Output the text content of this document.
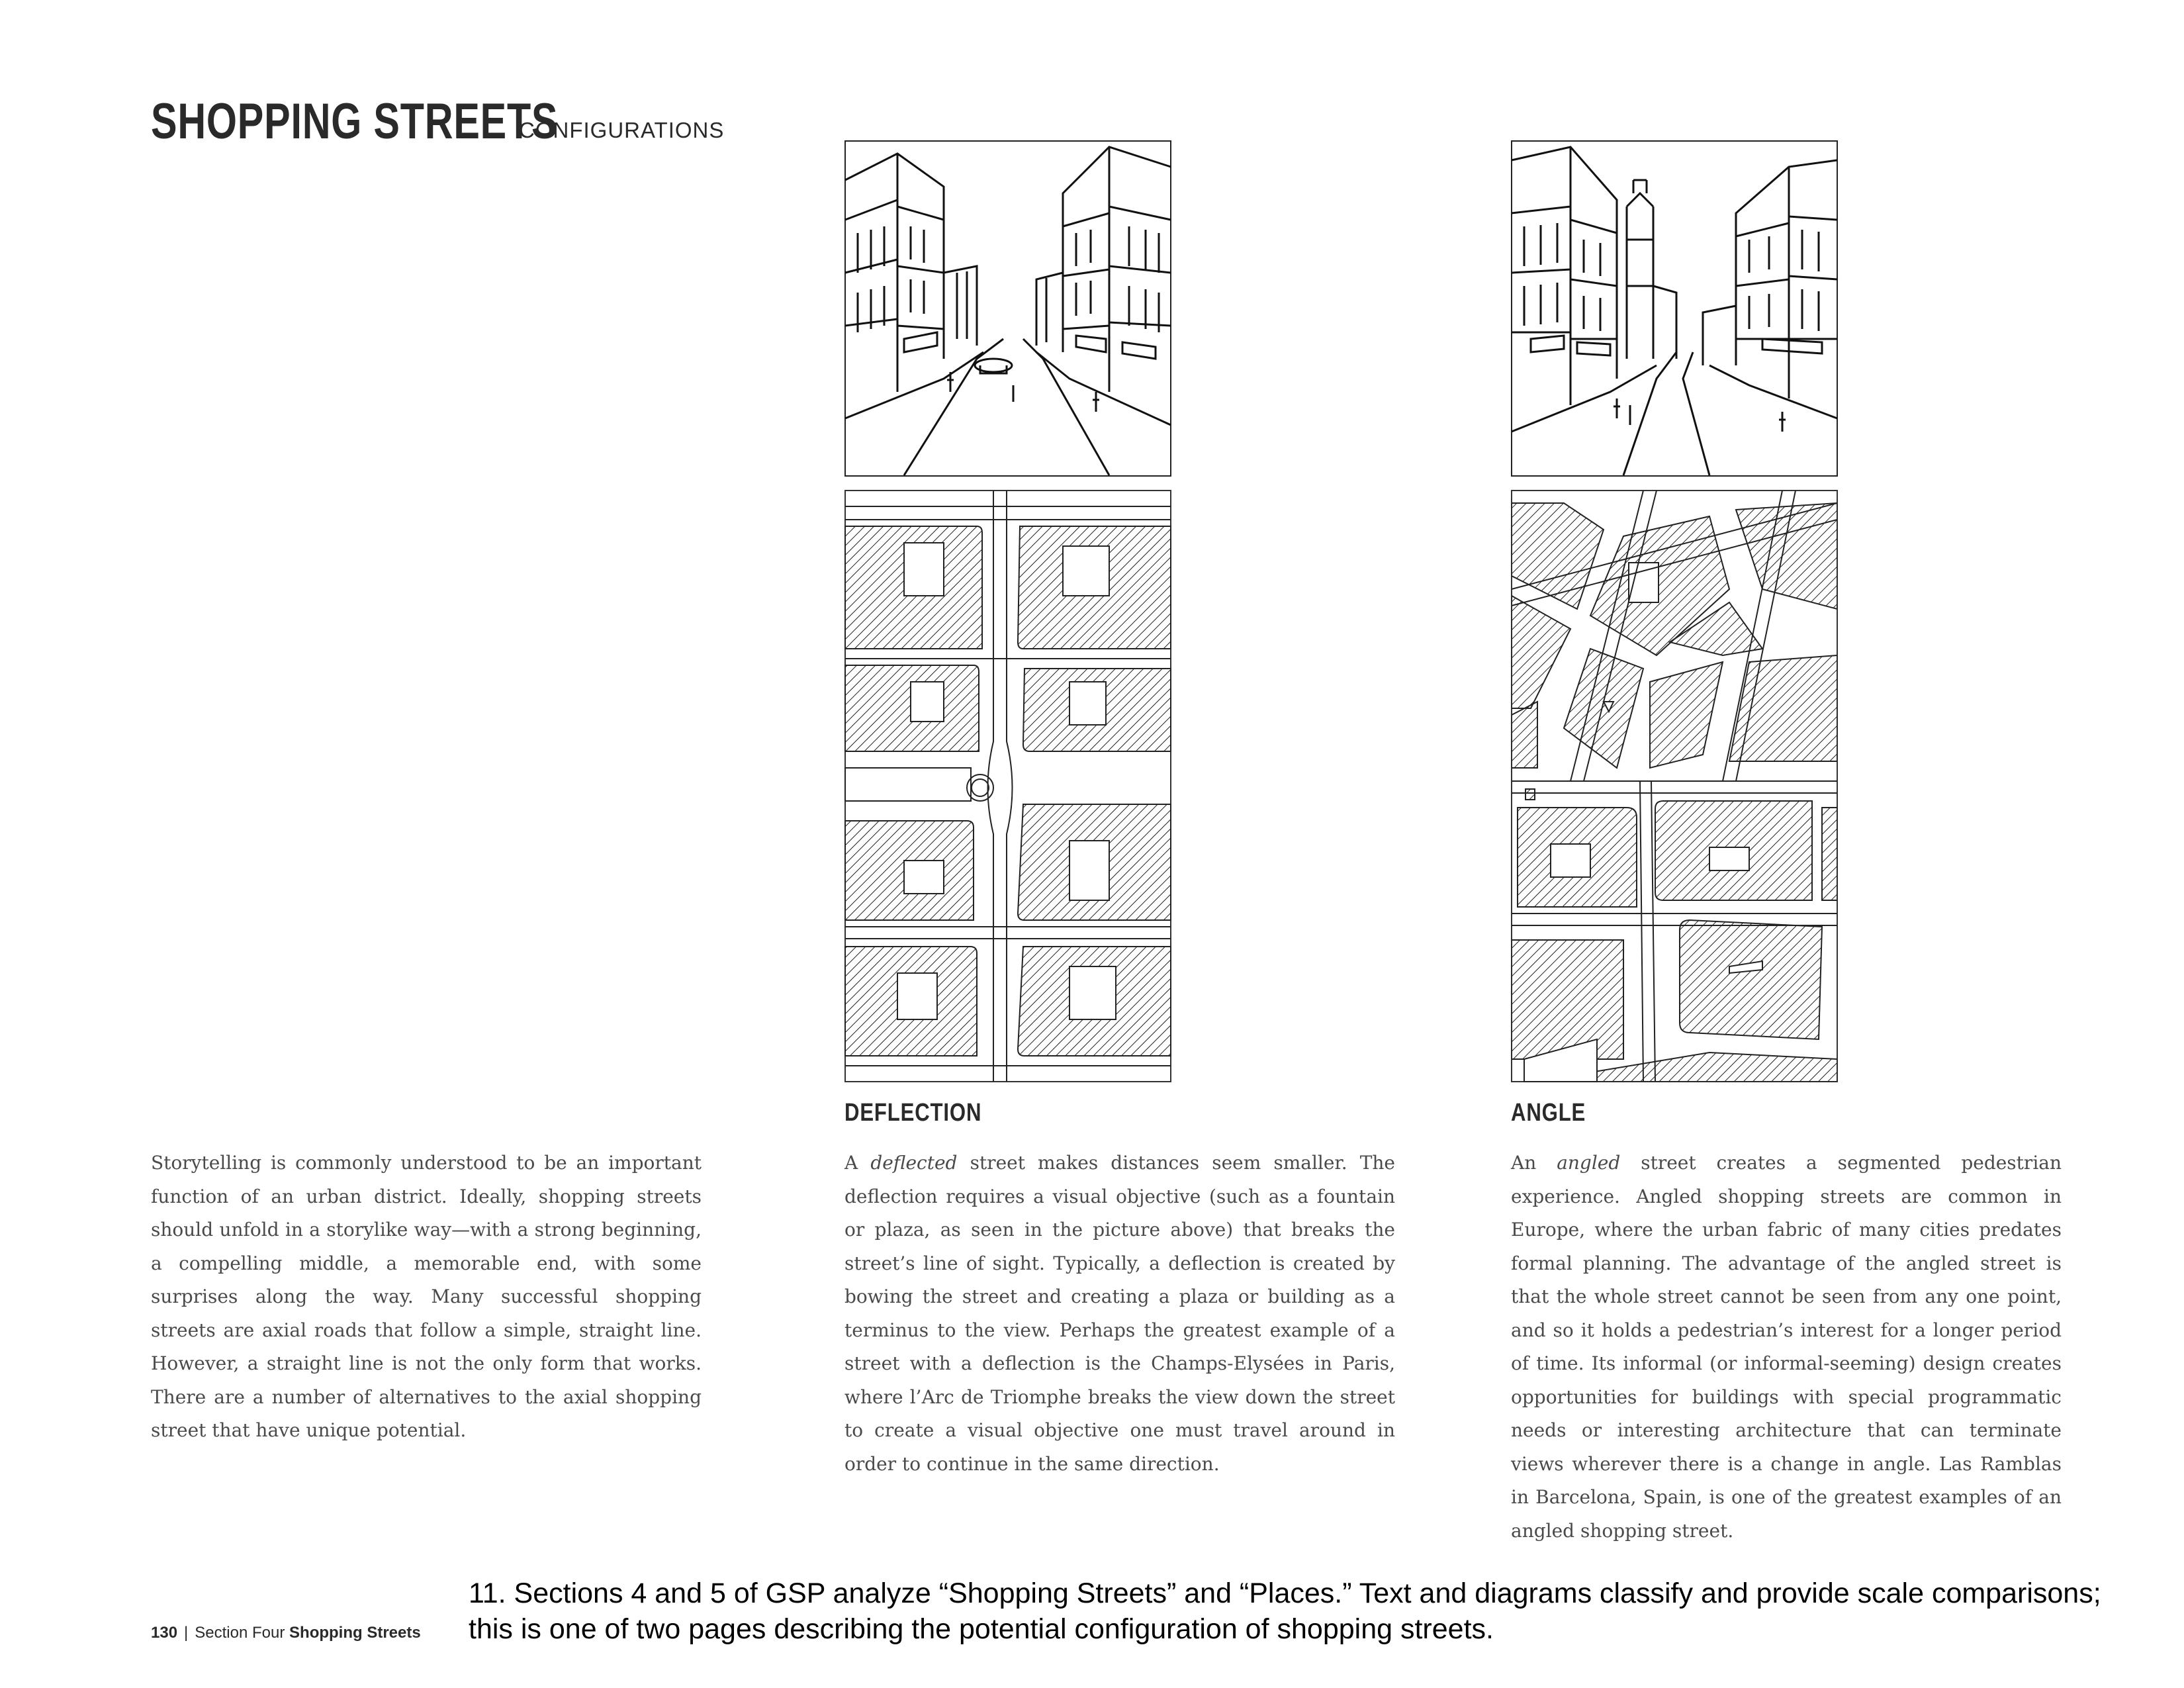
SHOPPING STREETS
CONFIGURATIONS
DEFLECTION	ANGLE

Storytelling is commonly understood to be an important function of an urban district. Ideally, shopping streets should unfold in a storylike way—with a strong beginning, a compelling middle, a memorable end, with some surprises along the way. Many successful shopping streets are axial roads that follow a simple, straight line. However, a straight line is not the only form that works. There are a number of alternatives to the axial shopping street that have unique potential.

A deflected street makes distances seem smaller. The deflection requires a visual objective (such as a fountain or plaza, as seen in the picture above) that breaks the street’s line of sight. Typically, a deflection is created by bowing the street and creating a plaza or building as a terminus to the view. Perhaps the greatest example of a street with a deflection is the Champs-Elysées in Paris, where l’Arc de Triomphe breaks the view down the street to create a visual objective one must travel around in order to continue in the same direction.

An angled street creates a segmented pedestrian experience. Angled shopping streets are common in Europe, where the urban fabric of many cities predates formal planning. The advantage of the angled street is that the whole street cannot be seen from any one point, and so it holds a pedestrian’s interest for a longer period of time. Its informal (or informal-seeming) design creates opportunities for buildings with special programmatic needs or interesting architecture that can terminate views wherever there is a change in angle. Las Ramblas in Barcelona, Spain, is one of the greatest examples of an angled shopping street.

130 | Section Four Shopping Streets

11. Sections 4 and 5 of GSP analyze “Shopping Streets” and “Places.” Text and diagrams classify and provide scale comparisons; this is one of two pages describing the potential configuration of shopping streets.
